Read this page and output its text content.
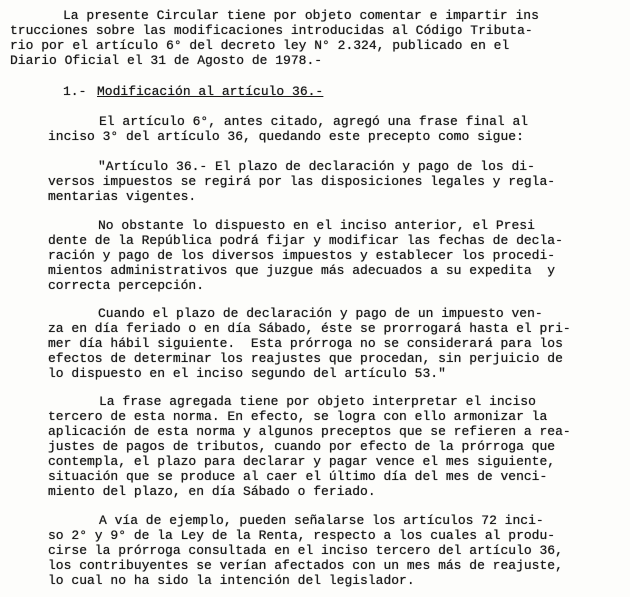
La presente Circular tiene por objeto comentar e impartir ins
trucciones sobre las modificaciones introducidas al Código Tributa-
rio por el artículo 6° del decreto ley N° 2.324, publicado en el
Diario Oficial el 31 de Agosto de 1978.-
1.- Modificación al artículo 36.-
El artículo 6°, antes citado, agregó una frase final al
inciso 3° del artículo 36, quedando este precepto como sigue:
"Artículo 36.- El plazo de declaración y pago de los di-
versos impuestos se regirá por las disposiciones legales y regla-
mentarias vigentes.
No obstante lo dispuesto en el inciso anterior, el Presi
dente de la República podrá fijar y modificar las fechas de decla-
ración y pago de los diversos impuestos y establecer los procedi-
mientos administrativos que juzgue más adecuados a su expedita  y
correcta percepción.
Cuando el plazo de declaración y pago de un impuesto ven-
za en día feriado o en día Sábado, éste se prorrogará hasta el pri-
mer día hábil siguiente.  Esta prórroga no se considerará para los
efectos de determinar los reajustes que procedan, sin perjuicio de
lo dispuesto en el inciso segundo del artículo 53."
La frase agregada tiene por objeto interpretar el inciso
tercero de esta norma. En efecto, se logra con ello armonizar la
aplicación de esta norma y algunos preceptos que se refieren a rea-
justes de pagos de tributos, cuando por efecto de la prórroga que
contempla, el plazo para declarar y pagar vence el mes siguiente,
situación que se produce al caer el último día del mes de venci-
miento del plazo, en día Sábado o feriado.
A vía de ejemplo, pueden señalarse los artículos 72 inci-
so 2° y 9° de la Ley de la Renta, respecto a los cuales al produ-
cirse la prórroga consultada en el inciso tercero del artículo 36,
los contribuyentes se verían afectados con un mes más de reajuste,
lo cual no ha sido la intención del legislador.
